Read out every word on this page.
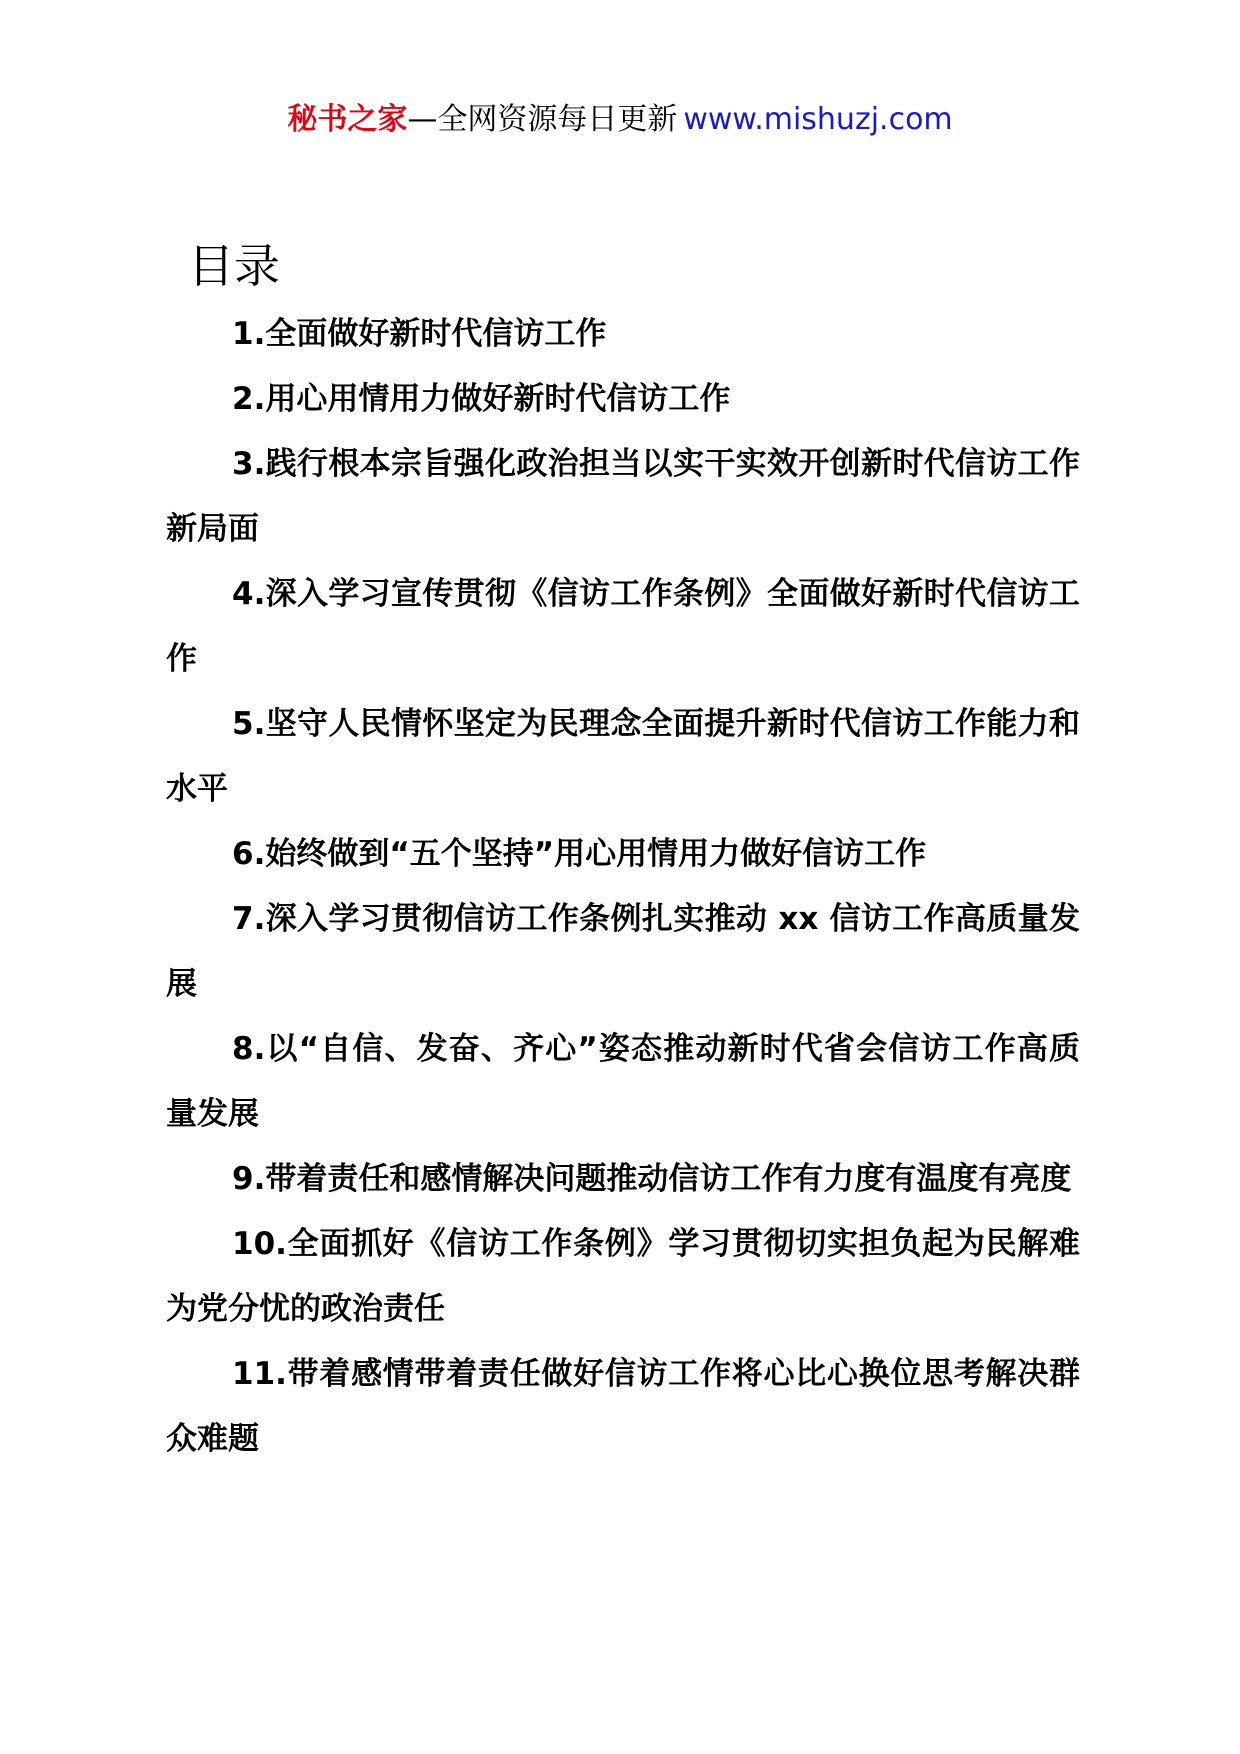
秘书之家—全网资源每日更新 www.mishuzj.com
目录

1.全面做好新时代信访工作

2.用心用情用力做好新时代信访工作

3.践行根本宗旨强化政治担当以实干实效开创新时代信访工作新局面

4.深入学习宣传贯彻《信访工作条例》全面做好新时代信访工作

5.坚守人民情怀坚定为民理念全面提升新时代信访工作能力和水平

6.始终做到“五个坚持”用心用情用力做好信访工作

7.深入学习贯彻信访工作条例扎实推动 xx 信访工作高质量发展

8.以“自信、发奋、齐心”姿态推动新时代省会信访工作高质量发展

9.带着责任和感情解决问题推动信访工作有力度有温度有亮度

10.全面抓好《信访工作条例》学习贯彻切实担负起为民解难为党分忧的政治责任

11.带着感情带着责任做好信访工作将心比心换位思考解决群众难题
